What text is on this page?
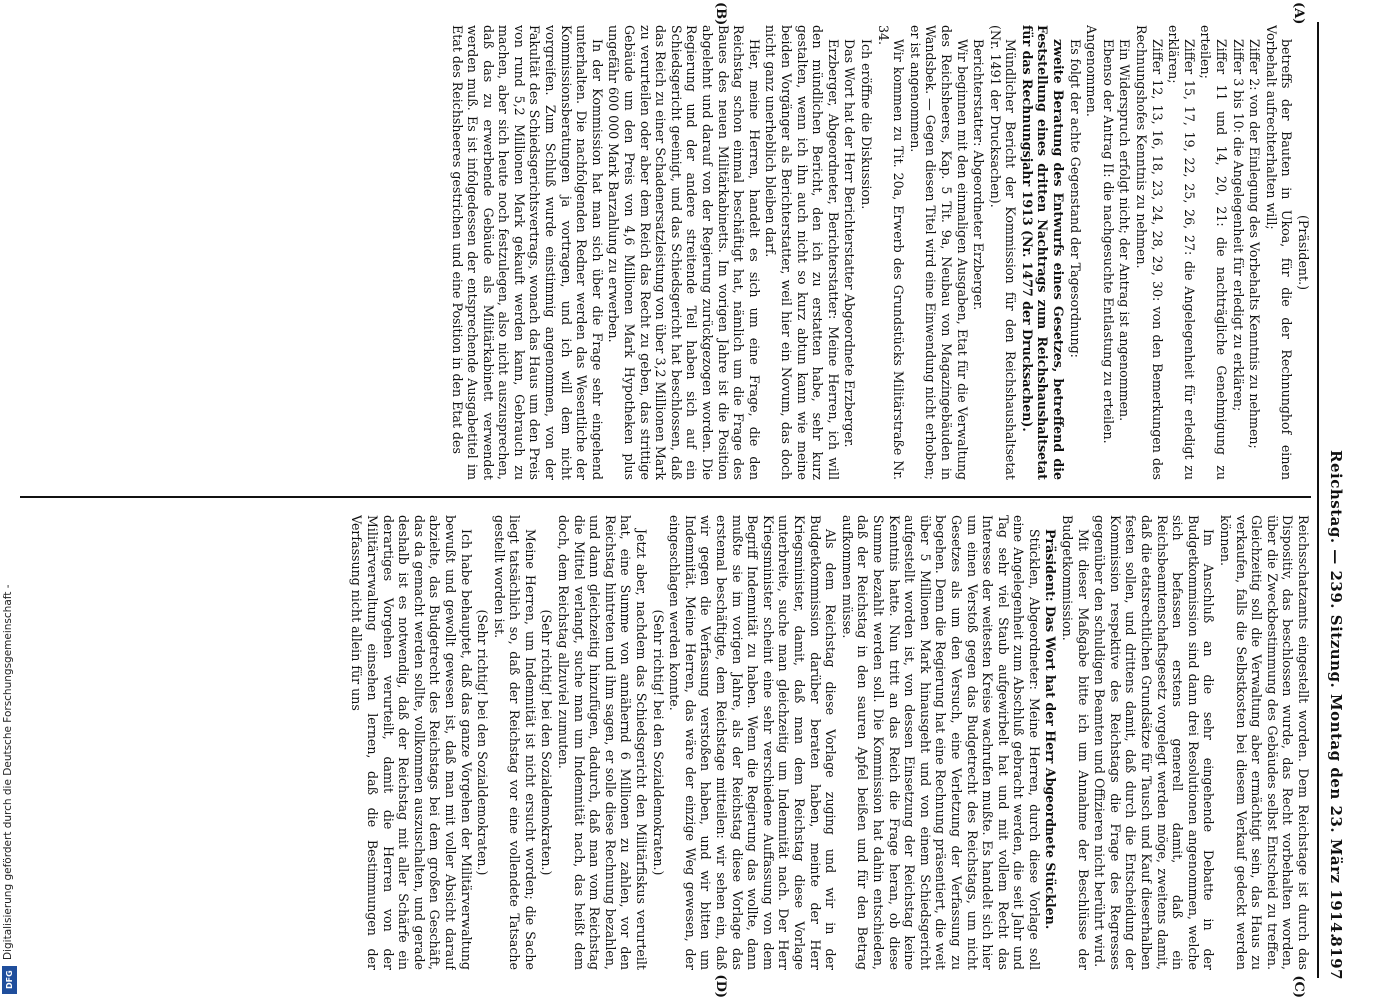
Reichstag. — 239. Sitzung. Montag den 23. März 1914.
8197
(A)
(B)
(C)
(D)

(Präsident.)

betreffs der Bauten in Ukoa, für die der Rechnunghof einen Vorbehalt aufrechterhalten will;

Ziffer 2: von der Einlegung des Vorbehalts Kenntnis zu nehmen;

Ziffer 3 bis 10: die Angelegenheit für erledigt zu erklären;

Ziffer 11 und 14, 20, 21: die nachträgliche Genehmigung zu erteilen;

Ziffer 15, 17, 19, 22, 25, 26, 27: die Angelegenheit für erledigt zu erklären;

Ziffer 12, 13, 16, 18, 23, 24, 28, 29, 30: von den Bemerkungen des Rechnungshofes Kenntnis zu nehmen.

Ein Widerspruch erfolgt nicht; der Antrag ist angenommen.

Ebenso der Antrag II: die nachgesuchte Entlastung zu erteilen.

Angenommen.

Es folgt der achte Gegenstand der Tagesordnung:

zweite Beratung des Entwurfs eines Gesetzes, betreffend die Feststellung eines dritten Nachtrags zum Reichshaushaltsetat für das Rechnungsjahr 1913 (Nr. 1477 der Drucksachen).

Mündlicher Bericht der Kommission für den Reichshaushaltsetat (Nr. 1491 der Drucksachen).

Berichterstatter: Abgeordneter Erzberger.

Wir beginnen mit den einmaligen Ausgaben, Etat für die Verwaltung des Reichsheeres, Kap. 5 Tit. 9a, Neubau von Magazingebäuden in Wandsbek. — Gegen diesen Titel wird eine Einwendung nicht erhoben; er ist angenommen.

Wir kommen zu Tit. 20a, Erwerb des Grundstücks Militärstraße Nr. 34.

Ich eröffne die Diskussion.

Das Wort hat der Herr Berichterstatter Abgeordnete Erzberger.

Erzberger, Abgeordneter, Berichterstatter: Meine Herren, ich will den mündlichen Bericht, den ich zu erstatten habe, sehr kurz gestalten, wenn ich ihn auch nicht so kurz abtun kann wie meine beiden Vorgänger als Berichterstatter, weil hier ein Novum, das doch nicht ganz unerheblich bleiben darf.

Hier, meine Herren, handelt es sich um eine Frage, die den Reichstag schon einmal beschäftigt hat, nämlich um die Frage des Baues des neuen Militärkabinetts. Im vorigen Jahre ist die Position abgelehnt und darauf von der Regierung zurückgezogen worden. Die Regierung und der andere streitende Teil haben sich auf ein Schiedsgericht geeinigt, und das Schiedsgericht hat beschlossen, daß das Reich zu einer Schadenersatzleistung von über 3,2 Millionen Mark zu verurteilen oder aber dem Reich das Recht zu geben, das strittige Gebäude um den Preis von 4,6 Millionen Mark Hypotheken plus ungefähr 600 000 Mark Barzahlung zu erwerben.

In der Kommission hat man sich über die Frage sehr eingehend unterhalten. Die nachfolgenden Redner werden das Wesentliche der Kommissionsberatungen ja vortragen, und ich will dem nicht vorgreifen. Zum Schluß wurde einstimmig angenommen, von der Fakultät des Schiedsgerichtsvertrags, wonach das Haus um den Preis von rund 5,2 Millionen Mark gekauft werden kann, Gebrauch zu machen, aber sich heute noch festzulegen, also nicht auszusprechen, daß das zu erwerbende Gebäude als Militärkabinett verwendet werden muß. Es ist infolgedessen der entsprechende Ausgabetitel im Etat des Reichsheeres gestrichen und eine Position in den Etat des

Reichsschatzamts eingestellt worden. Dem Reichstage ist durch das Dispositiv, das beschlossen wurde, das Recht vorbehalten worden, über die Zweckbestimmung des Gebäudes selbst Entscheid zu treffen. Gleichzeitig soll die Verwaltung aber ermächtigt sein, das Haus zu verkaufen, falls die Selbstkosten bei diesem Verkauf gedeckt werden können.

Im Anschluß an die sehr eingehende Debatte in der Budgetkommission sind dann drei Resolutionen angenommen, welche sich befassen erstens generell damit, daß ein Reichsbeamtenschaftsgesetz vorgelegt werden möge, zweitens damit, daß die etatsrechtlichen Grundsätze für Tausch und Kauf dieserhalben festen sollen, und drittens damit, daß durch die Entscheidung der Kommission respektive des Reichstags die Frage des Regresses gegenüber den schuldigen Beamten und Offizieren nicht berührt wird.

Mit dieser Maßgabe bitte ich um Annahme der Beschlüsse der Budgetkommission.

Präsident: Das Wort hat der Herr Abgeordnete Stücklen.

Stücklen, Abgeordneter: Meine Herren, durch diese Vorlage soll eine Angelegenheit zum Abschluß gebracht werden, die seit Jahr und Tag sehr viel Staub aufgewirbelt hat und mit vollem Recht das Interesse der weitesten Kreise wachrufen mußte. Es handelt sich hier um einen Verstoß gegen das Budgetrecht des Reichstags, um nicht Gesetzes als um den Versuch, eine Verletzung der Verfassung zu begehen. Denn die Regierung hat eine Rechnung präsentiert, die weit über 5 Millionen Mark hinausgeht und von einem Schiedsgericht aufgestellt worden ist, von dessen Einsetzung der Reichstag keine Kenntnis hatte. Nun tritt an das Reich die Frage heran, ob diese Summe bezahlt werden soll. Die Kommission hat dahin entschieden, daß der Reichstag in den sauren Apfel beißen und für den Betrag aufkommen müsse.

Als dem Reichstag diese Vorlage zuging und wir in der Budgetkommission darüber beraten haben, meinte der Herr Kriegsminister, damit, daß man dem Reichstag diese Vorlage unterbreite, suche man gleichzeitig um Indemnität nach. Der Herr Kriegsminister scheint eine sehr verschiedene Auffassung von dem Begriff Indemnität zu haben. Wenn die Regierung das wollte, dann mußte sie im vorigen Jahre, als der Reichstag diese Vorlage das erstemal beschäftigte, dem Reichstage mitteilen: wir sehen ein, daß wir gegen die Verfassung verstoßen haben, und wir bitten um Indemnität. Meine Herren, das wäre der einzige Weg gewesen, der eingeschlagen werden konnte.

(Sehr richtig! bei den Sozialdemokraten.)

Jetzt aber, nachdem das Schiedsgericht den Militärfiskus verurteilt hat, eine Summe von annähernd 6 Millionen zu zahlen, vor den Reichstag hintreten und ihm sagen, er solle diese Rechnung bezahlen, und dann gleichzeitig hinzufügen, dadurch, daß man vom Reichstag die Mittel verlangt, suche man um Indemnität nach, das heißt dem doch, dem Reichstag allzuviel zumuten.

(Sehr richtig! bei den Sozialdemokraten.)

Meine Herren, um Indemnität ist nicht ersucht worden; die Sache liegt tatsächlich so, daß der Reichstag vor eine vollendete Tatsache gestellt worden ist.

(Sehr richtig! bei den Sozialdemokraten.)

Ich habe behauptet, daß das ganze Vorgehen der Militärverwaltung bewußt und gewollt gewesen ist, daß man mit voller Absicht darauf abzielte, das Budgetrecht des Reichstags bei dem großen Geschäft, das da gemacht werden sollte, vollkommen auszuschalten, und gerade deshalb ist es notwendig, daß der Reichstag mit aller Schärfe ein derartiges Vorgehen verurteilt, damit die Herren von der Militärverwaltung einsehen lernen, daß die Bestimmungen der Verfassung nicht allein für uns

Digitalisierung gefördert durch die Deutsche Forschungsgemeinschaft -
DFG
